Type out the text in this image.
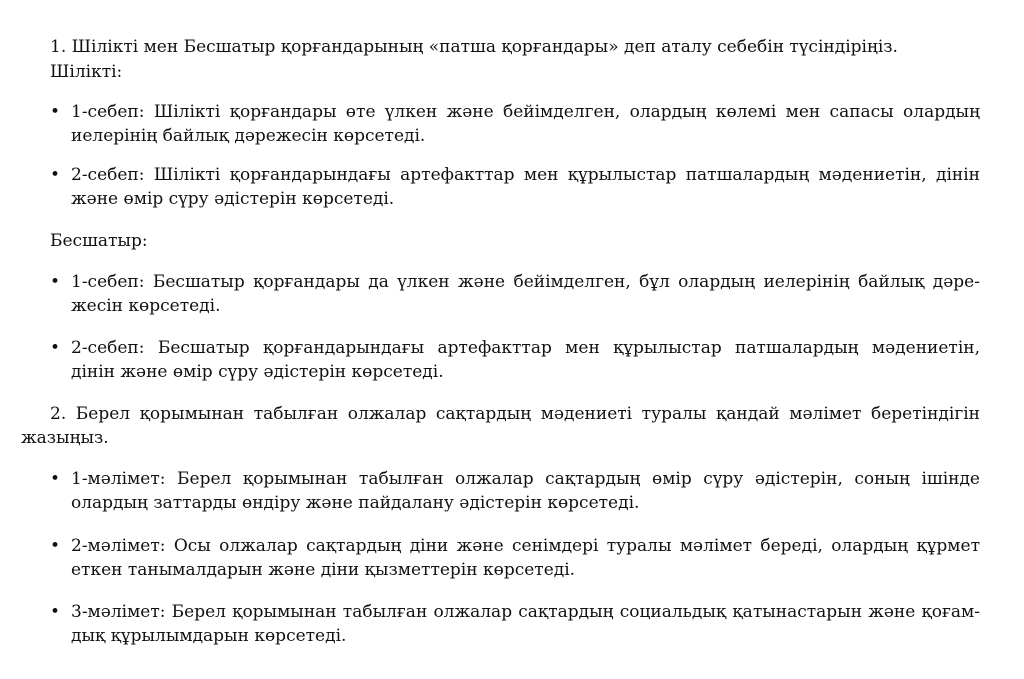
1. Шілікті мен Бесшатыр қорғандарының «патша қорғандары» деп аталу себебін түсіндіріңіз.

Шілікті:

• 1-себеп: Шілікті қорғандары өте үлкен және бейімделген, олардың көлемі мен сапасы олардың

иелерінің байлық дәрежесін көрсетеді.

• 2-себеп: Шілікті қорғандарындағы артефакттар мен құрылыстар патшалардың мәдениетін, дінін

және өмір сүру әдістерін көрсетеді.

Бесшатыр:

• 1-себеп: Бесшатыр қорғандары да үлкен және бейімделген, бұл олардың иелерінің байлық дәре-

жесін көрсетеді.

• 2-себеп: Бесшатыр қорғандарындағы артефакттар мен құрылыстар патшалардың мәдениетін,

дінін және өмір сүру әдістерін көрсетеді.

2. Берел қорымынан табылған олжалар сақтардың мәдениеті туралы қандай мәлімет беретіндігін

жазыңыз.

• 1-мәлімет: Берел қорымынан табылған олжалар сақтардың өмір сүру әдістерін, соның ішінде

олардың заттарды өндіру және пайдалану әдістерін көрсетеді.

• 2-мәлімет: Осы олжалар сақтардың діни және сенімдері туралы мәлімет береді, олардың құрмет

еткен танымалдарын және діни қызметтерін көрсетеді.

• 3-мәлімет: Берел қорымынан табылған олжалар сақтардың социальдық қатынастарын және қоғам-

дық құрылымдарын көрсетеді.
